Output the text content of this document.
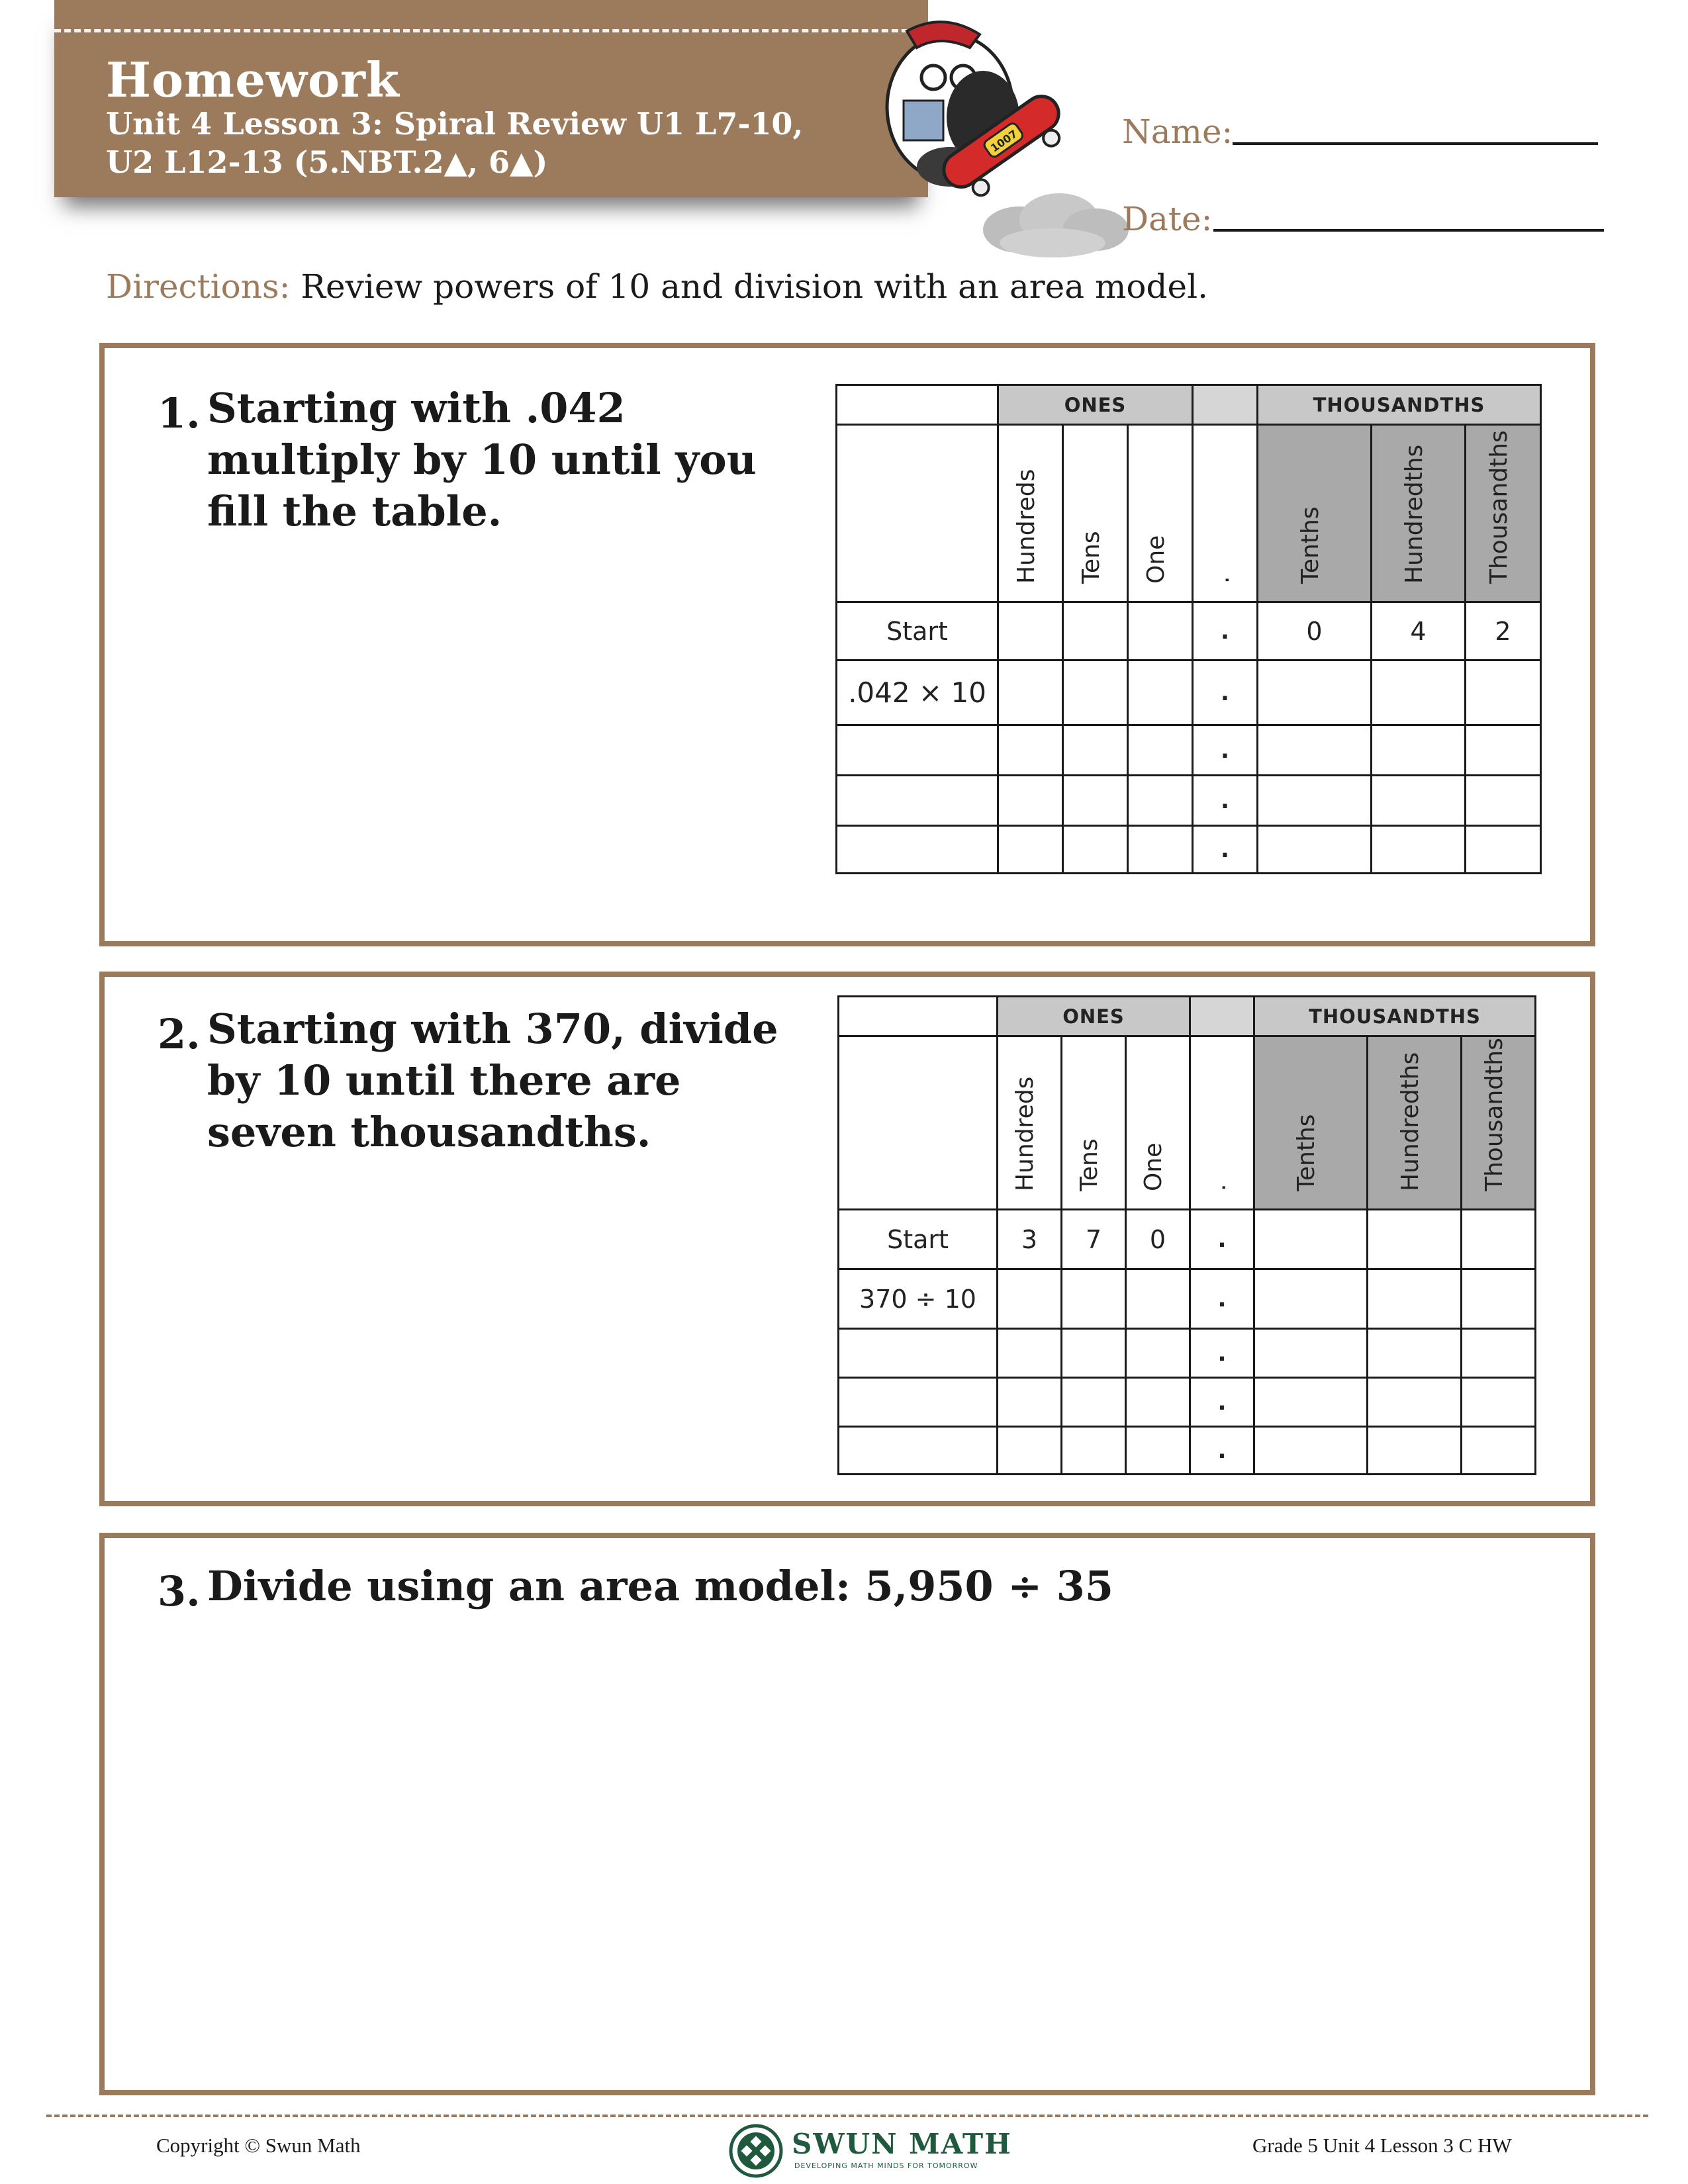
Homework
Unit 4 Lesson 3: Spiral Review U1 L7-10,
U2 L12-13 (5.NBT.2▲, 6▲)
1007	Name:
Date:
Directions: Review powers of 10 and division with an area model.
1. Starting with .042 multiply by 10 until you fill the table.
	ONES				THOUSANDTHS		

	Hundreds	Tens	One	.	Tenths	Hundredths	Thousandths

Start				.	0	4	2
.042 × 10				.			
				.			
				.			
				.			
2. Starting with 370, divide by 10 until there are seven thousandths.
	ONES				THOUSANDTHS		

	Hundreds	Tens	One	.	Tenths	Hundredths	Thousandths

Start	3	7	0	.			
370 ÷ 10				.			
				.			
				.			
				.			
3. Divide using an area model: 5,950 ÷ 35
Copyright © Swun Math	SWUN MATH
DEVELOPING MATH MINDS FOR TOMORROW
Grade 5 Unit 4 Lesson 3 C HW
